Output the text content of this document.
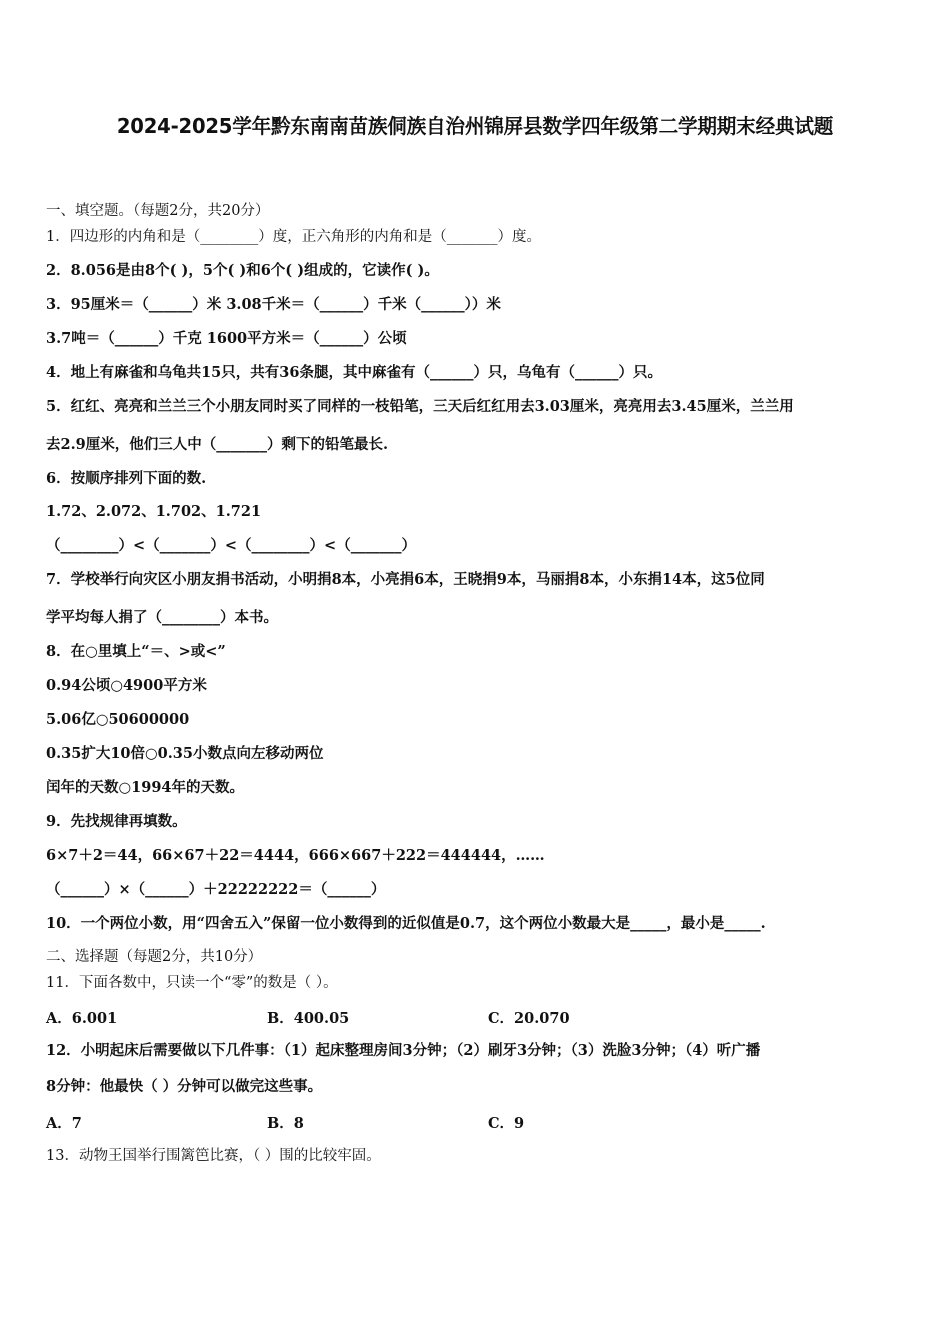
2024-2025学年黔东南南苗族侗族自治州锦屏县数学四年级第二学期期末经典试题
一、填空题。（每题2分，共20分）
1．四边形的内角和是（________）度，正六角形的内角和是（_______）度。
2．8.056是由8个( )，5个( )和6个( )组成的，它读作( )。
3．95厘米＝（______）米 3.08千米＝（______）千米（______））米
3.7吨＝（______）千克 1600平方米＝（______）公顷
4．地上有麻雀和乌龟共15只，共有36条腿，其中麻雀有（______）只，乌龟有（______）只。
5．红红、亮亮和兰兰三个小朋友同时买了同样的一枝铅笔，三天后红红用去3.03厘米，亮亮用去3.45厘米，兰兰用
去2.9厘米，他们三人中（_______）剩下的铅笔最长.
6．按顺序排列下面的数.
1.72、2.072、1.702、1.721
（________）<（_______）<（________）<（_______）
7．学校举行向灾区小朋友捐书活动，小明捐8本，小亮捐6本，王晓捐9本，马丽捐8本，小东捐14本，这5位同
学平均每人捐了（________）本书。
8．在○里填上“＝、>或<”
0.94公顷○4900平方米
5.06亿○50600000
0.35扩大10倍○0.35小数点向左移动两位
闰年的天数○1994年的天数。
9．先找规律再填数。
6×7＋2＝44，66×67＋22＝4444，666×667＋222＝444444，……
（______）×（______）＋22222222＝（______）
10．一个两位小数，用“四舍五入”保留一位小数得到的近似值是0.7，这个两位小数最大是_____，最小是_____.
二、选择题（每题2分，共10分）
11．下面各数中，只读一个“零”的数是（ ）。
A．6.001	B．400.05	C．20.070
12．小明起床后需要做以下几件事：（1）起床整理房间3分钟；（2）刷牙3分钟；（3）洗脸3分钟；（4）听广播
8分钟：他最快（ ）分钟可以做完这些事。
A．7	B．8	C．9
13．动物王国举行围篱笆比赛，（ ）围的比较牢固。
